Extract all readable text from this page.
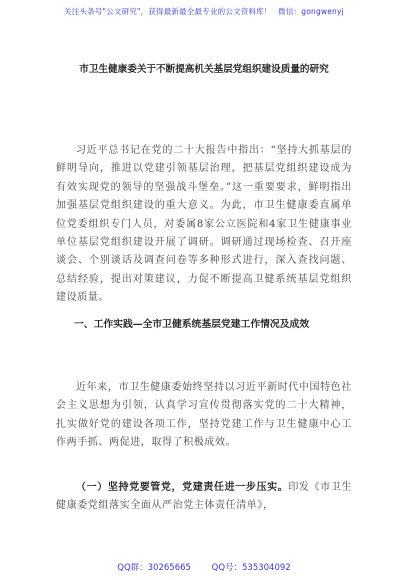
关注头条号"公文研究"，获得最新最全最专业的公文资料库！ 微信：gongwenyj
市卫生健康委关于不断提高机关基层党组织建设质量的研究
习近平总书记在党的二十大报告中指出：“坚持大抓基层的鲜明导向，推进以党建引领基层治理，把基层党组织建设成为有效实现党的领导的坚强战斗堡垒。”这一重要要求，鲜明指出加强基层党组织建设的重大意义。为此，市卫生健康委直属单位党委组织专门人员，对委属8家公立医院和4家卫生健康事业单位基层党组织建设开展了调研。调研通过现场检查、召开座谈会、个别谈话及调查问卷等多种形式进行，深入查找问题、总结经验，提出对策建议，力促不断提高卫健系统基层党组织建设质量。
一、工作实践—全市卫健系统基层党建工作情况及成效
近年来，市卫生健康委始终坚持以习近平新时代中国特色社会主义思想为引领，认真学习宣传贯彻落实党的二十大精神，扎实做好党的建设各项工作，坚持党建工作与卫生健康中心工作两手抓、两促进，取得了积极成效。
（一）坚持党要管党，党建责任进一步压实。印发《市卫生健康委党组落实全面从严治党主体责任清单》，
QQ群：30265665 QQ号：535304092
